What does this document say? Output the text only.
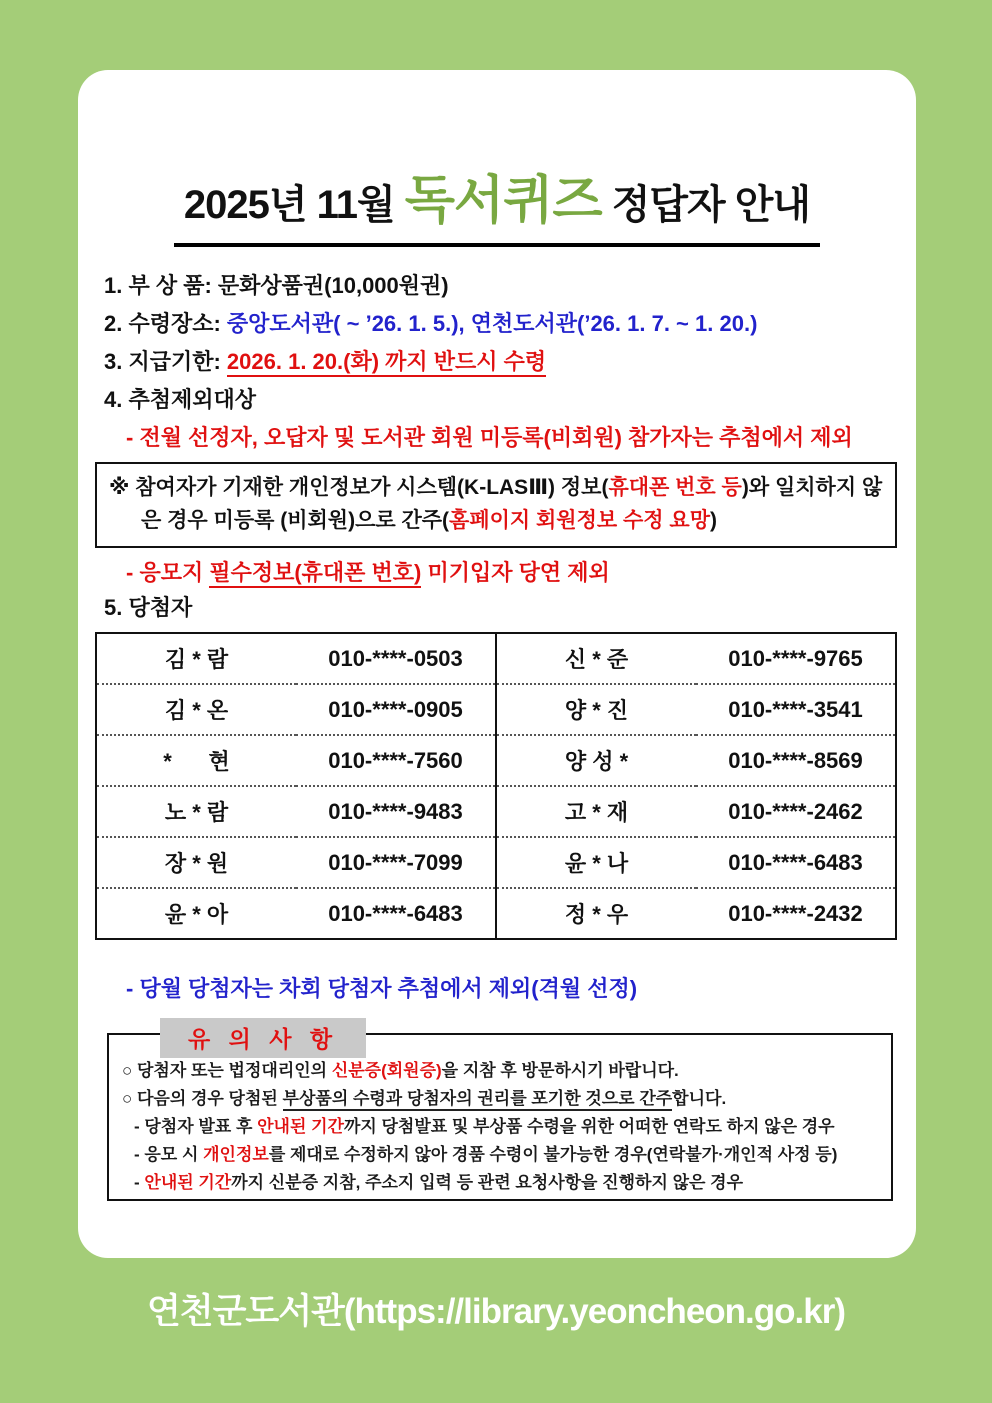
2025년 11월 독서퀴즈 정답자 안내
1. 부 상 품: 문화상품권(10,000원권)
2. 수령장소: 중앙도서관( ~ ’26. 1. 5.), 연천도서관(’26. 1. 7. ~ 1. 20.)
3. 지급기한: 2026. 1. 20.(화) 까지 반드시 수령
4. 추첨제외대상
- 전월 선정자, 오답자 및 도서관 회원 미등록(비회원) 참가자는 추첨에서 제외

※ 참여자가 기재한 개인정보가 시스템(K-LASⅢ) 정보(휴대폰 번호 등)와 일치하지 않은 경우 미등록 (비회원)으로 간주(홈페이지 회원정보 수정 요망)

- 응모지 필수정보(휴대폰 번호) 미기입자 당연 제외
5. 당첨자
김 * 람	010-****-0503	신 * 준	010-****-9765
김 * 온	010-****-0905	양 * 진	010-****-3541
*      현	010-****-7560	양 성 *	010-****-8569
노 * 람	010-****-9483	고 * 재	010-****-2462
장 * 원	010-****-7099	윤 * 나	010-****-6483
윤 * 아	010-****-6483	정 * 우	010-****-2432
- 당월 당첨자는 차회 당첨자 추첨에서 제외(격월 선정)
유 의 사 항
○ 당첨자 또는 법정대리인의 신분증(회원증)을 지참 후 방문하시기 바랍니다.
○ 다음의 경우 당첨된 부상품의 수령과 당첨자의 권리를 포기한 것으로 간주합니다.
- 당첨자 발표 후 안내된 기간까지 당첨발표 및 부상품 수령을 위한 어떠한 연락도 하지 않은 경우
- 응모 시 개인정보를 제대로 수정하지 않아 경품 수령이 불가능한 경우(연락불가·개인적 사정 등)
- 안내된 기간까지 신분증 지참, 주소지 입력 등 관련 요청사항을 진행하지 않은 경우
연천군도서관(https://library.yeoncheon.go.kr)
